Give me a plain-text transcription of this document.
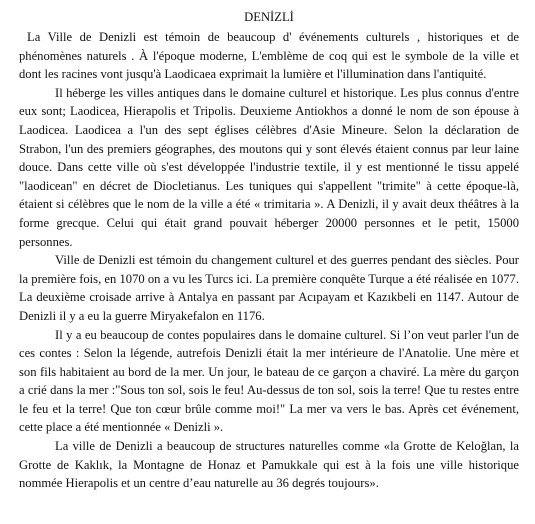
DENİZLİ

La Ville de Denizli est témoin de beaucoup d' événements culturels , historiques et de phénomènes naturels . À l'époque moderne, L'emblème de coq qui est le symbole de la ville et dont les racines vont jusqu'à Laodicaea exprimait la lumière et l'illumination dans l'antiquité.

Il héberge les villes antiques dans le domaine culturel et historique. Les plus connus d'entre eux sont; Laodicea, Hierapolis et Tripolis. Deuxieme Antiokhos a donné le nom de son épouse à Laodicea. Laodicea a l'un des sept églises célèbres d'Asie Mineure. Selon la déclaration de Strabon, l'un des premiers géographes, des moutons qui y sont élevés étaient connus par leur laine douce. Dans cette ville où s'est développée l'industrie textile, il y est mentionné le tissu appelé "laodicean" en décret de Diocletianus. Les tuniques qui s'appellent "trimite" à cette époque-là, étaient si célèbres que le nom de la ville a été « trimitaria ». A Denizli, il y avait deux théâtres à la forme grecque. Celui qui était grand pouvait héberger 20000 personnes et le petit, 15000 personnes.

Ville de Denizli est témoin du changement culturel et des guerres pendant des siècles. Pour la première fois, en 1070 on a vu les Turcs ici. La première conquête Turque a été réalisée en 1077. La deuxième croisade arrive à Antalya en passant par Acıpayam et Kazıkbeli en 1147. Autour de Denizli il y a eu la guerre Miryakefalon en 1176.

Il y a eu beaucoup de contes populaires dans le domaine culturel. Si l’on veut parler l'un de ces contes : Selon la légende, autrefois Denizli était la mer intérieure de l'Anatolie. Une mère et son fils habitaient au bord de la mer. Un jour, le bateau de ce garçon a chaviré. La mère du garçon a crié dans la mer :"Sous ton sol, sois le feu! Au-dessus de ton sol, sois la terre! Que tu restes entre le feu et la terre! Que ton cœur brûle comme moi!" La mer va vers le bas. Après cet événement, cette place a été mentionnée « Denizli ».

La ville de Denizli a beaucoup de structures naturelles comme «la Grotte de Keloğlan, la Grotte de Kaklık, la Montagne de Honaz et Pamukkale qui est à la fois une ville historique nommée Hierapolis et un centre d’eau naturelle au 36 degrés toujours».
